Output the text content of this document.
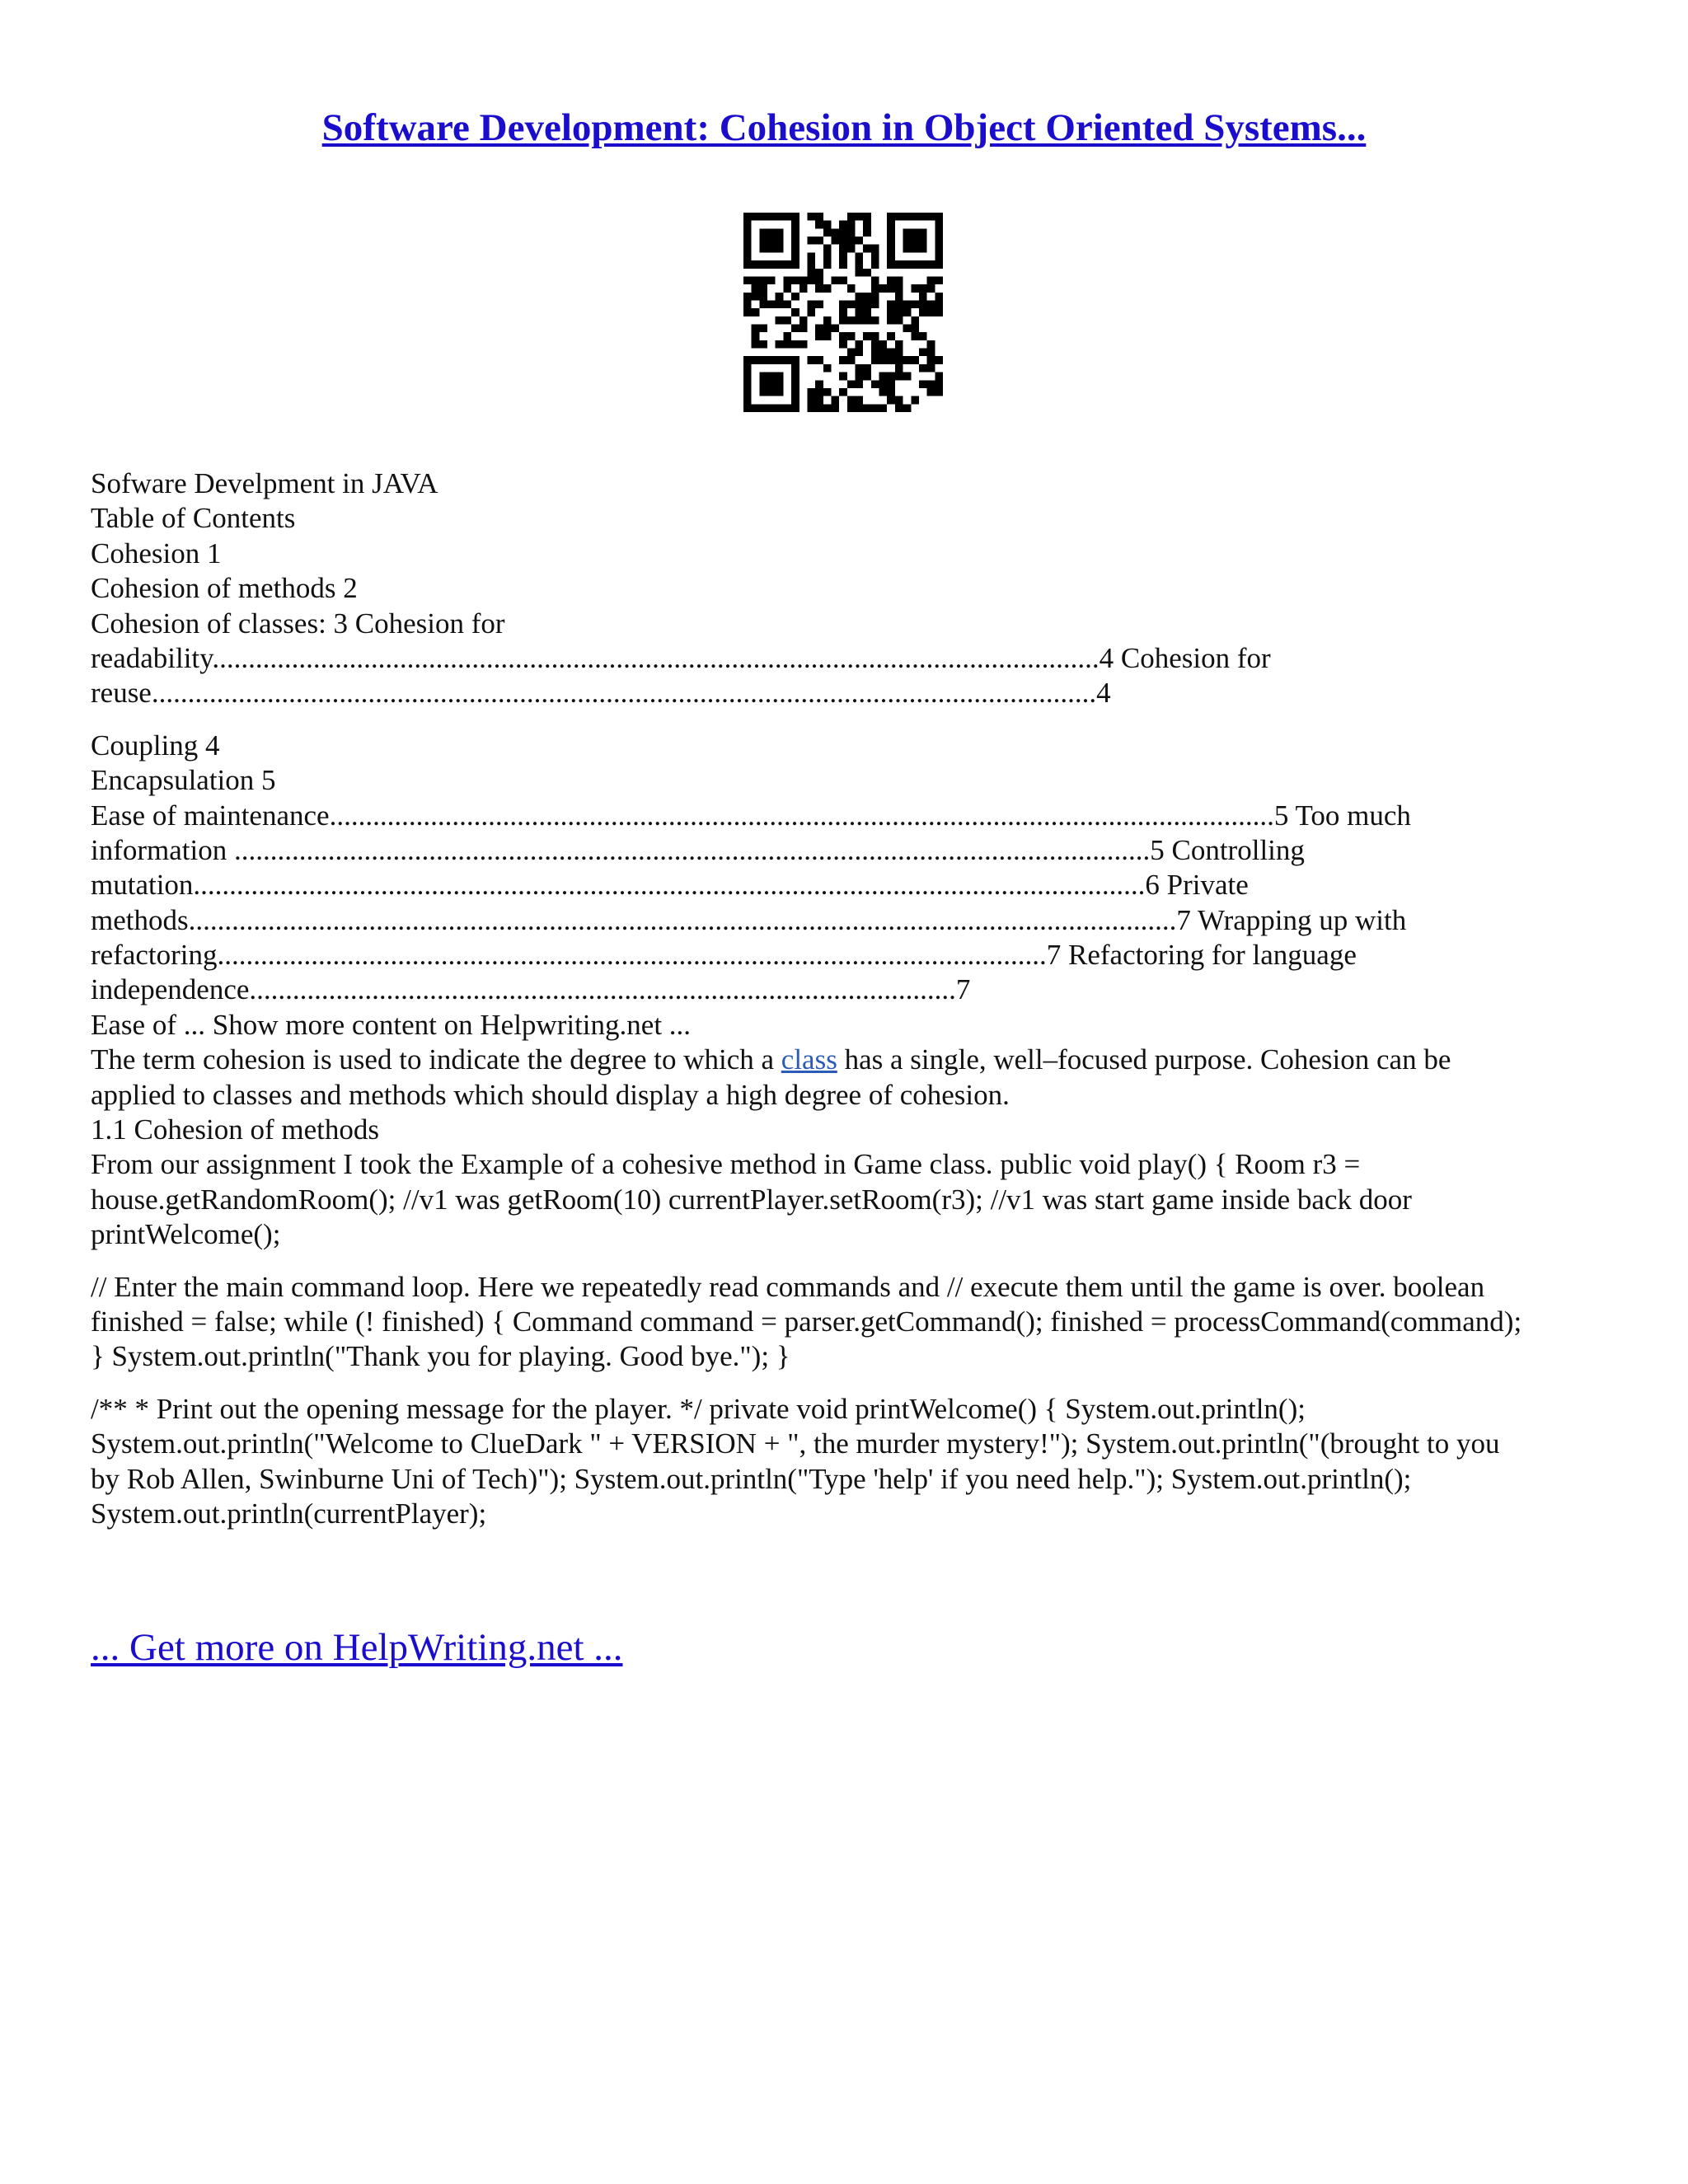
Software Development: Cohesion in Object Oriented Systems...
Sofware Develpment in JAVA
Table of Contents
Cohesion 1
Cohesion of methods 2
Cohesion of classes: 3 Cohesion for
readability...........................................................................................................................4 Cohesion for
reuse...................................................................................................................................4
Coupling 4
Encapsulation 5
Ease of maintenance...................................................................................................................................5 Too much
information ...............................................................................................................................5 Controlling
mutation....................................................................................................................................6 Private
methods.........................................................................................................................................7 Wrapping up with
refactoring...................................................................................................................7 Refactoring for language
independence..................................................................................................7
Ease of ... Show more content on Helpwriting.net ...
The term cohesion is used to indicate the degree to which a class has a single, well–focused purpose. Cohesion can be
applied to classes and methods which should display a high degree of cohesion.
1.1 Cohesion of methods
From our assignment I took the Example of a cohesive method in Game class. public void play() { Room r3 =
house.getRandomRoom(); //v1 was getRoom(10) currentPlayer.setRoom(r3); //v1 was start game inside back door
printWelcome();
// Enter the main command loop. Here we repeatedly read commands and // execute them until the game is over. boolean
finished = false; while (! finished) { Command command = parser.getCommand(); finished = processCommand(command);
} System.out.println("Thank you for playing. Good bye."); }
/** * Print out the opening message for the player. */ private void printWelcome() { System.out.println();
System.out.println("Welcome to ClueDark " + VERSION + ", the murder mystery!"); System.out.println("(brought to you
by Rob Allen, Swinburne Uni of Tech)"); System.out.println("Type 'help' if you need help."); System.out.println();
System.out.println(currentPlayer);
... Get more on HelpWriting.net ...
